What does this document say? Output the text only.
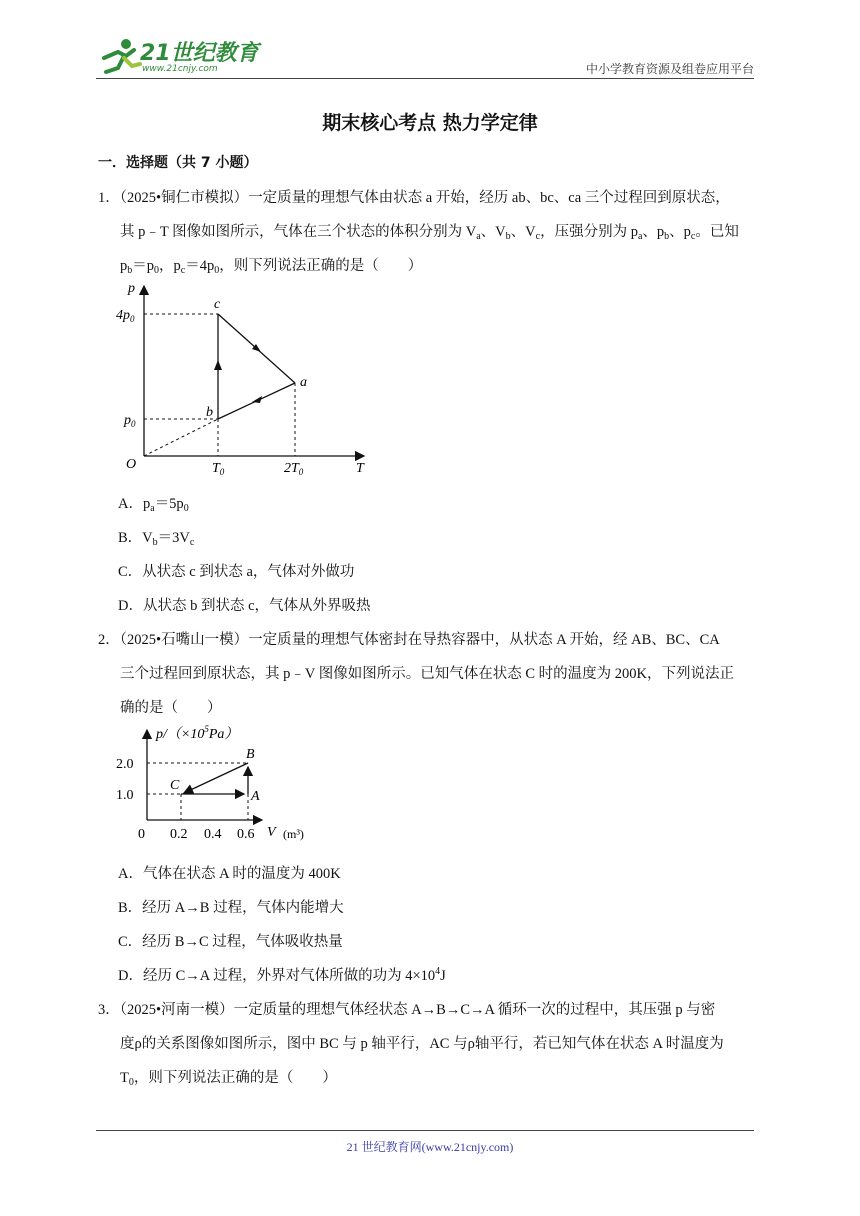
21世纪教育
www.21cnjy.com	中小学教育资源及组卷应用平台
期末核心考点 热力学定律
一．选择题（共 7 小题）
1．（2025•铜仁市模拟）一定质量的理想气体由状态 a 开始，经历 ab、bc、ca 三个过程回到原状态，
其 p﹣T 图像如图所示，气体在三个状态的体积分别为 $V_a$、$V_b$、$V_c$，压强分别为 $p_a$、$p_b$、$p_c$。已知
$p_b=p_0$，$p_c=4p_0$，则下列说法正确的是（　　）
p
T
O
$4p_0$
$p_0$
$T_0$	$2T_0$
c
a
b
A．$p_a=5p_0$
B．$V_b=3V_c$
C．从状态 c 到状态 a，气体对外做功
D．从状态 b 到状态 c，气体从外界吸热
2．（2025•石嘴山一模）一定质量的理想气体密封在导热容器中，从状态 A 开始，经 AB、BC、CA
三个过程回到原状态，其 p﹣V 图像如图所示。已知气体在状态 C 时的温度为 200K，下列说法正
确的是（　　）
$p/(\times 10^5Pa)$
2.0
1.0
0 0.2 0.4 0.6 V (m³)
B
A
C
A．气体在状态 A 时的温度为 400K
B．经历 A→B 过程，气体内能增大
C．经历 B→C 过程，气体吸收热量
D．经历 C→A 过程，外界对气体所做的功为 $4\times 10^4J$
3．（2025•河南一模）一定质量的理想气体经状态 A→B→C→A 循环一次的过程中，其压强 p 与密
度ρ的关系图像如图所示，图中 BC 与 p 轴平行，AC 与ρ轴平行，若已知气体在状态 A 时温度为
$T_0$，则下列说法正确的是（　　）
21 世纪教育网(www.21cnjy.com)
